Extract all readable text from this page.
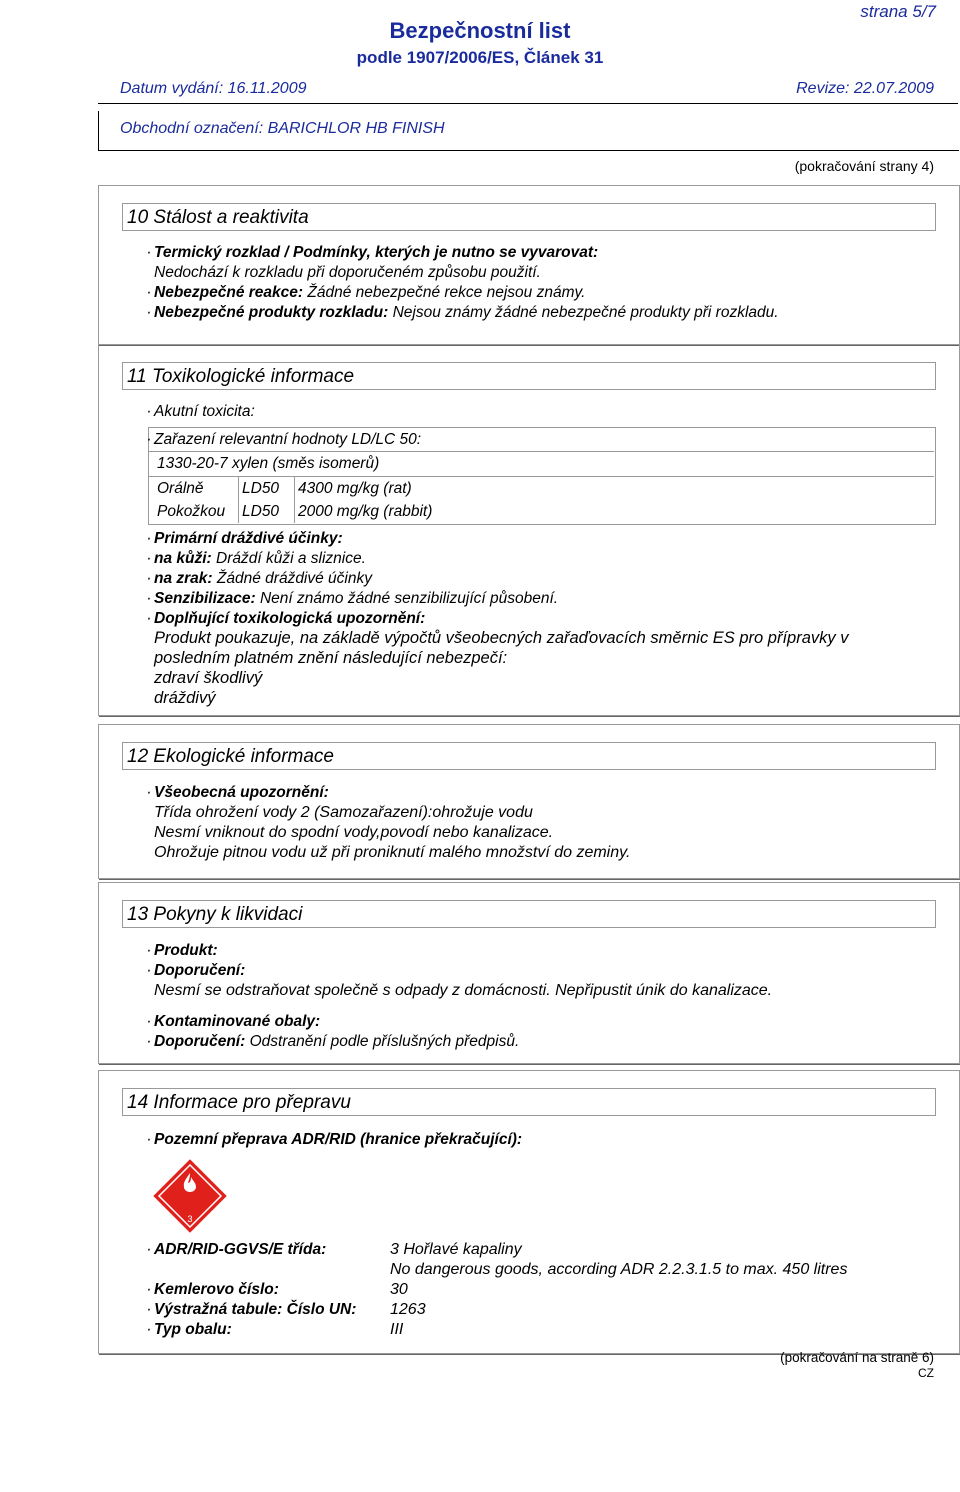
strana 5/7
Bezpečnostní list
podle 1907/2006/ES, Článek 31
Datum vydání: 16.11.2009	Revize: 22.07.2009
Obchodní označení: BARICHLOR HB FINISH
(pokračování strany 4)
10 Stálost a reaktivita
· Termický rozklad / Podmínky, kterých je nutno se vyvarovat:
Nedochází k rozkladu při doporučeném způsobu použití.
· Nebezpečné reakce: Žádné nebezpečné rekce nejsou známy.
· Nebezpečné produkty rozkladu: Nejsou známy žádné nebezpečné produkty při rozkladu.
11 Toxikologické informace
· Akutní toxicita:
· Zařazení relevantní hodnoty LD/LC 50:
1330-20-7 xylen (směs isomerů)
Orálně LD50 4300 mg/kg (rat)
Pokožkou LD50 2000 mg/kg (rabbit)
· Primární dráždivé účinky:
· na kůži: Dráždí kůži a sliznice.
· na zrak: Žádné dráždivé účinky
· Senzibilizace: Není známo žádné senzibilizující působení.
· Doplňující toxikologická upozornění:
Produkt poukazuje, na základě výpočtů všeobecných zařaďovacích směrnic ES pro přípravky v
posledním platném znění následující nebezpečí:
zdraví škodlivý
dráždivý
12 Ekologické informace
· Všeobecná upozornění:
Třída ohrožení vody 2 (Samozařazení):ohrožuje vodu
Nesmí vniknout do spodní vody,povodí nebo kanalizace.
Ohrožuje pitnou vodu už při proniknutí malého množství do zeminy.
13 Pokyny k likvidaci
· Produkt:
· Doporučení:
Nesmí se odstraňovat společně s odpady z domácnosti. Nepřipustit únik do kanalizace.
· Kontaminované obaly:
· Doporučení: Odstranění podle příslušných předpisů.
14 Informace pro přepravu
· Pozemní přeprava ADR/RID (hranice překračující):
3
· ADR/RID-GGVS/E třída:	3 Hořlavé kapaliny
No dangerous goods, according ADR 2.2.3.1.5 to max. 450 litres
· Kemlerovo číslo:	30
· Výstražná tabule: Číslo UN: 1263
· Typ obalu:	III
(pokračování na straně 6)
CZ
